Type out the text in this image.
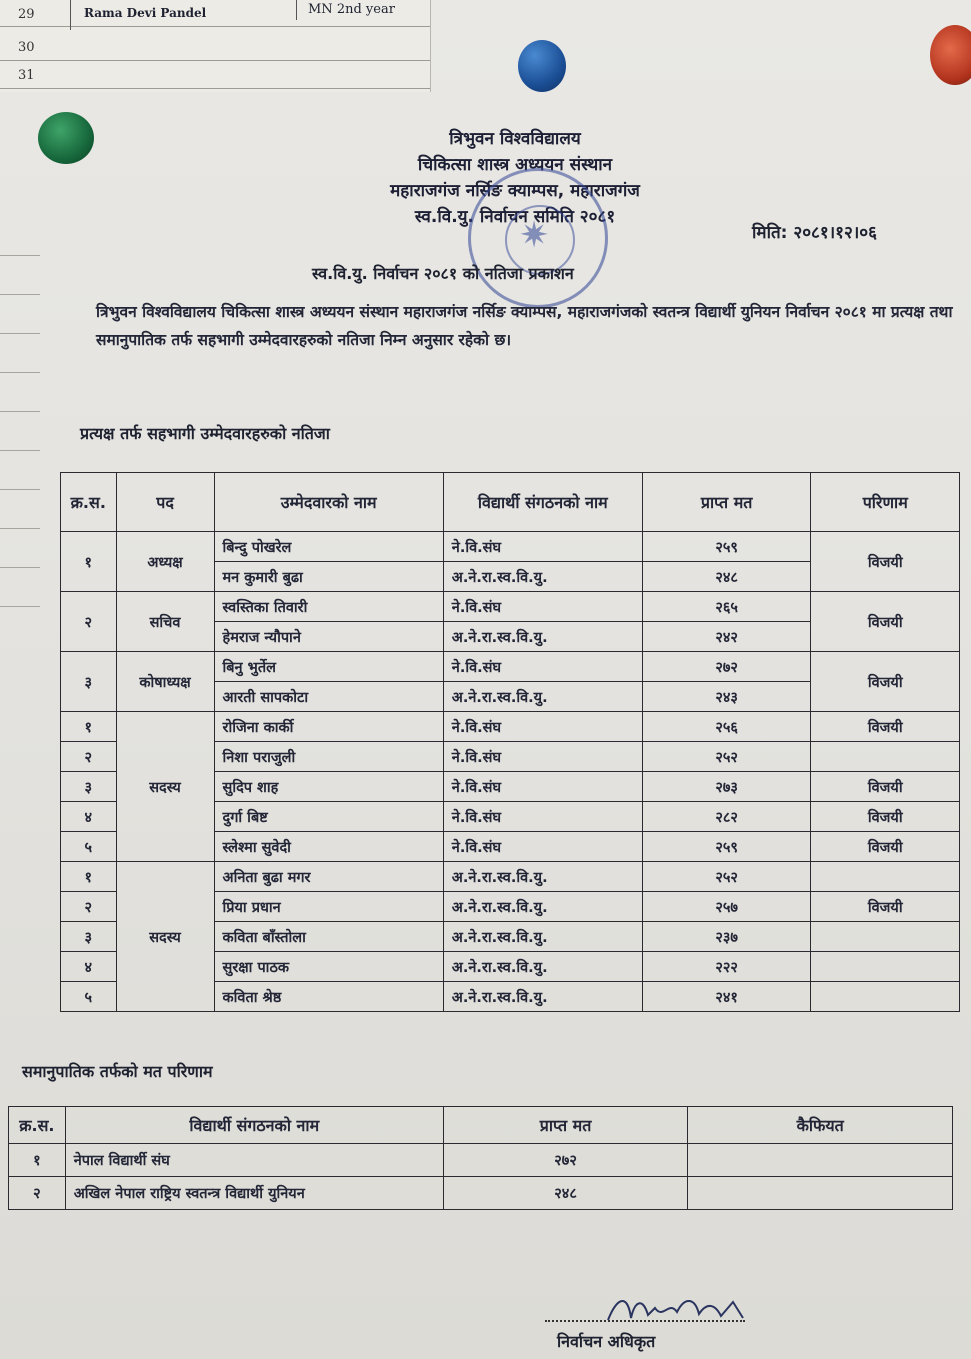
29	Rama Devi Pandel	MN 2nd year
30
31
त्रिभुवन विश्वविद्यालय
चिकित्सा शास्त्र अध्ययन संस्थान
महाराजगंज नर्सिङ क्याम्पस, महाराजगंज
स्व.वि.यु. निर्वाचन समिति २०८१
✷	मिति: २०८१।१२।०६
स्व.वि.यु. निर्वाचन २०८१ को नतिजा प्रकाशन
त्रिभुवन विश्वविद्यालय चिकित्सा शास्त्र अध्ययन संस्थान महाराजगंज नर्सिङ क्याम्पस, महाराजगंजको स्वतन्त्र विद्यार्थी युनियन निर्वाचन २०८१ मा प्रत्यक्ष तथा समानुपातिक तर्फ सहभागी उम्मेदवारहरुको नतिजा निम्न अनुसार रहेको छ।
प्रत्यक्ष तर्फ सहभागी उम्मेदवारहरुको नतिजा
क्र.स.	पद	उम्मेदवारको नाम	विद्यार्थी संगठनको नाम	प्राप्त मत	परिणाम
१	अध्यक्ष	बिन्दु पोखरेल	ने.वि.संघ	२५९	विजयी
		मन कुमारी बुढा	अ.ने.रा.स्व.वि.यु.	२४८	
२	सचिव	स्वस्तिका तिवारी	ने.वि.संघ	२६५	विजयी
		हेमराज न्यौपाने	अ.ने.रा.स्व.वि.यु.	२४२	
३	कोषाध्यक्ष	बिनु भुर्तेल	ने.वि.संघ	२७२	विजयी
		आरती सापकोटा	अ.ने.रा.स्व.वि.यु.	२४३	
१	सदस्य	रोजिना कार्की	ने.वि.संघ	२५६	विजयी
२		निशा पराजुली	ने.वि.संघ	२५२	
३		सुदिप शाह	ने.वि.संघ	२७३	विजयी
४		दुर्गा बिष्ट	ने.वि.संघ	२८२	विजयी
५		स्लेश्मा सुवेदी	ने.वि.संघ	२५९	विजयी
१	सदस्य	अनिता बुढा मगर	अ.ने.रा.स्व.वि.यु.	२५२	
२		प्रिया प्रधान	अ.ने.रा.स्व.वि.यु.	२५७	विजयी
३		कविता बाँस्तोला	अ.ने.रा.स्व.वि.यु.	२३७	
४		सुरक्षा पाठक	अ.ने.रा.स्व.वि.यु.	२२२	
५		कविता श्रेष्ठ	अ.ने.रा.स्व.वि.यु.	२४१	
समानुपातिक तर्फको मत परिणाम
क्र.स.	विद्यार्थी संगठनको नाम	प्राप्त मत	कैफियत
१	नेपाल विद्यार्थी संघ	२७२	
२	अखिल नेपाल राष्ट्रिय स्वतन्त्र विद्यार्थी युनियन	२४८	
निर्वाचन अधिकृत
